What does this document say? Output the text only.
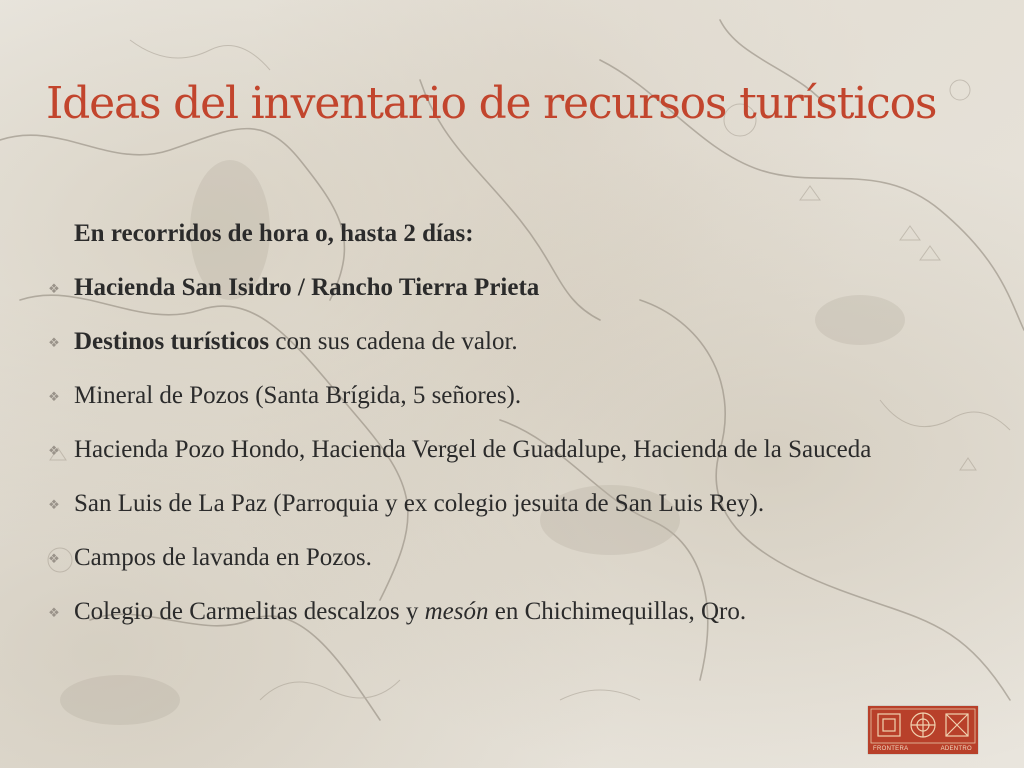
Ideas del inventario de recursos turísticos
En recorridos de hora o, hasta 2 días:
❖ Hacienda San Isidro / Rancho Tierra Prieta
❖ Destinos turísticos con sus cadena de valor.
❖ Mineral de Pozos (Santa Brígida, 5 señores).
❖ Hacienda Pozo Hondo, Hacienda Vergel de Guadalupe, Hacienda de la Sauceda
❖ San Luis de La Paz (Parroquia y ex colegio jesuita de San Luis Rey).
❖ Campos de lavanda en Pozos.
❖ Colegio de Carmelitas descalzos y mesón en Chichimequillas, Qro.
FRONTERA	ADENTRO
